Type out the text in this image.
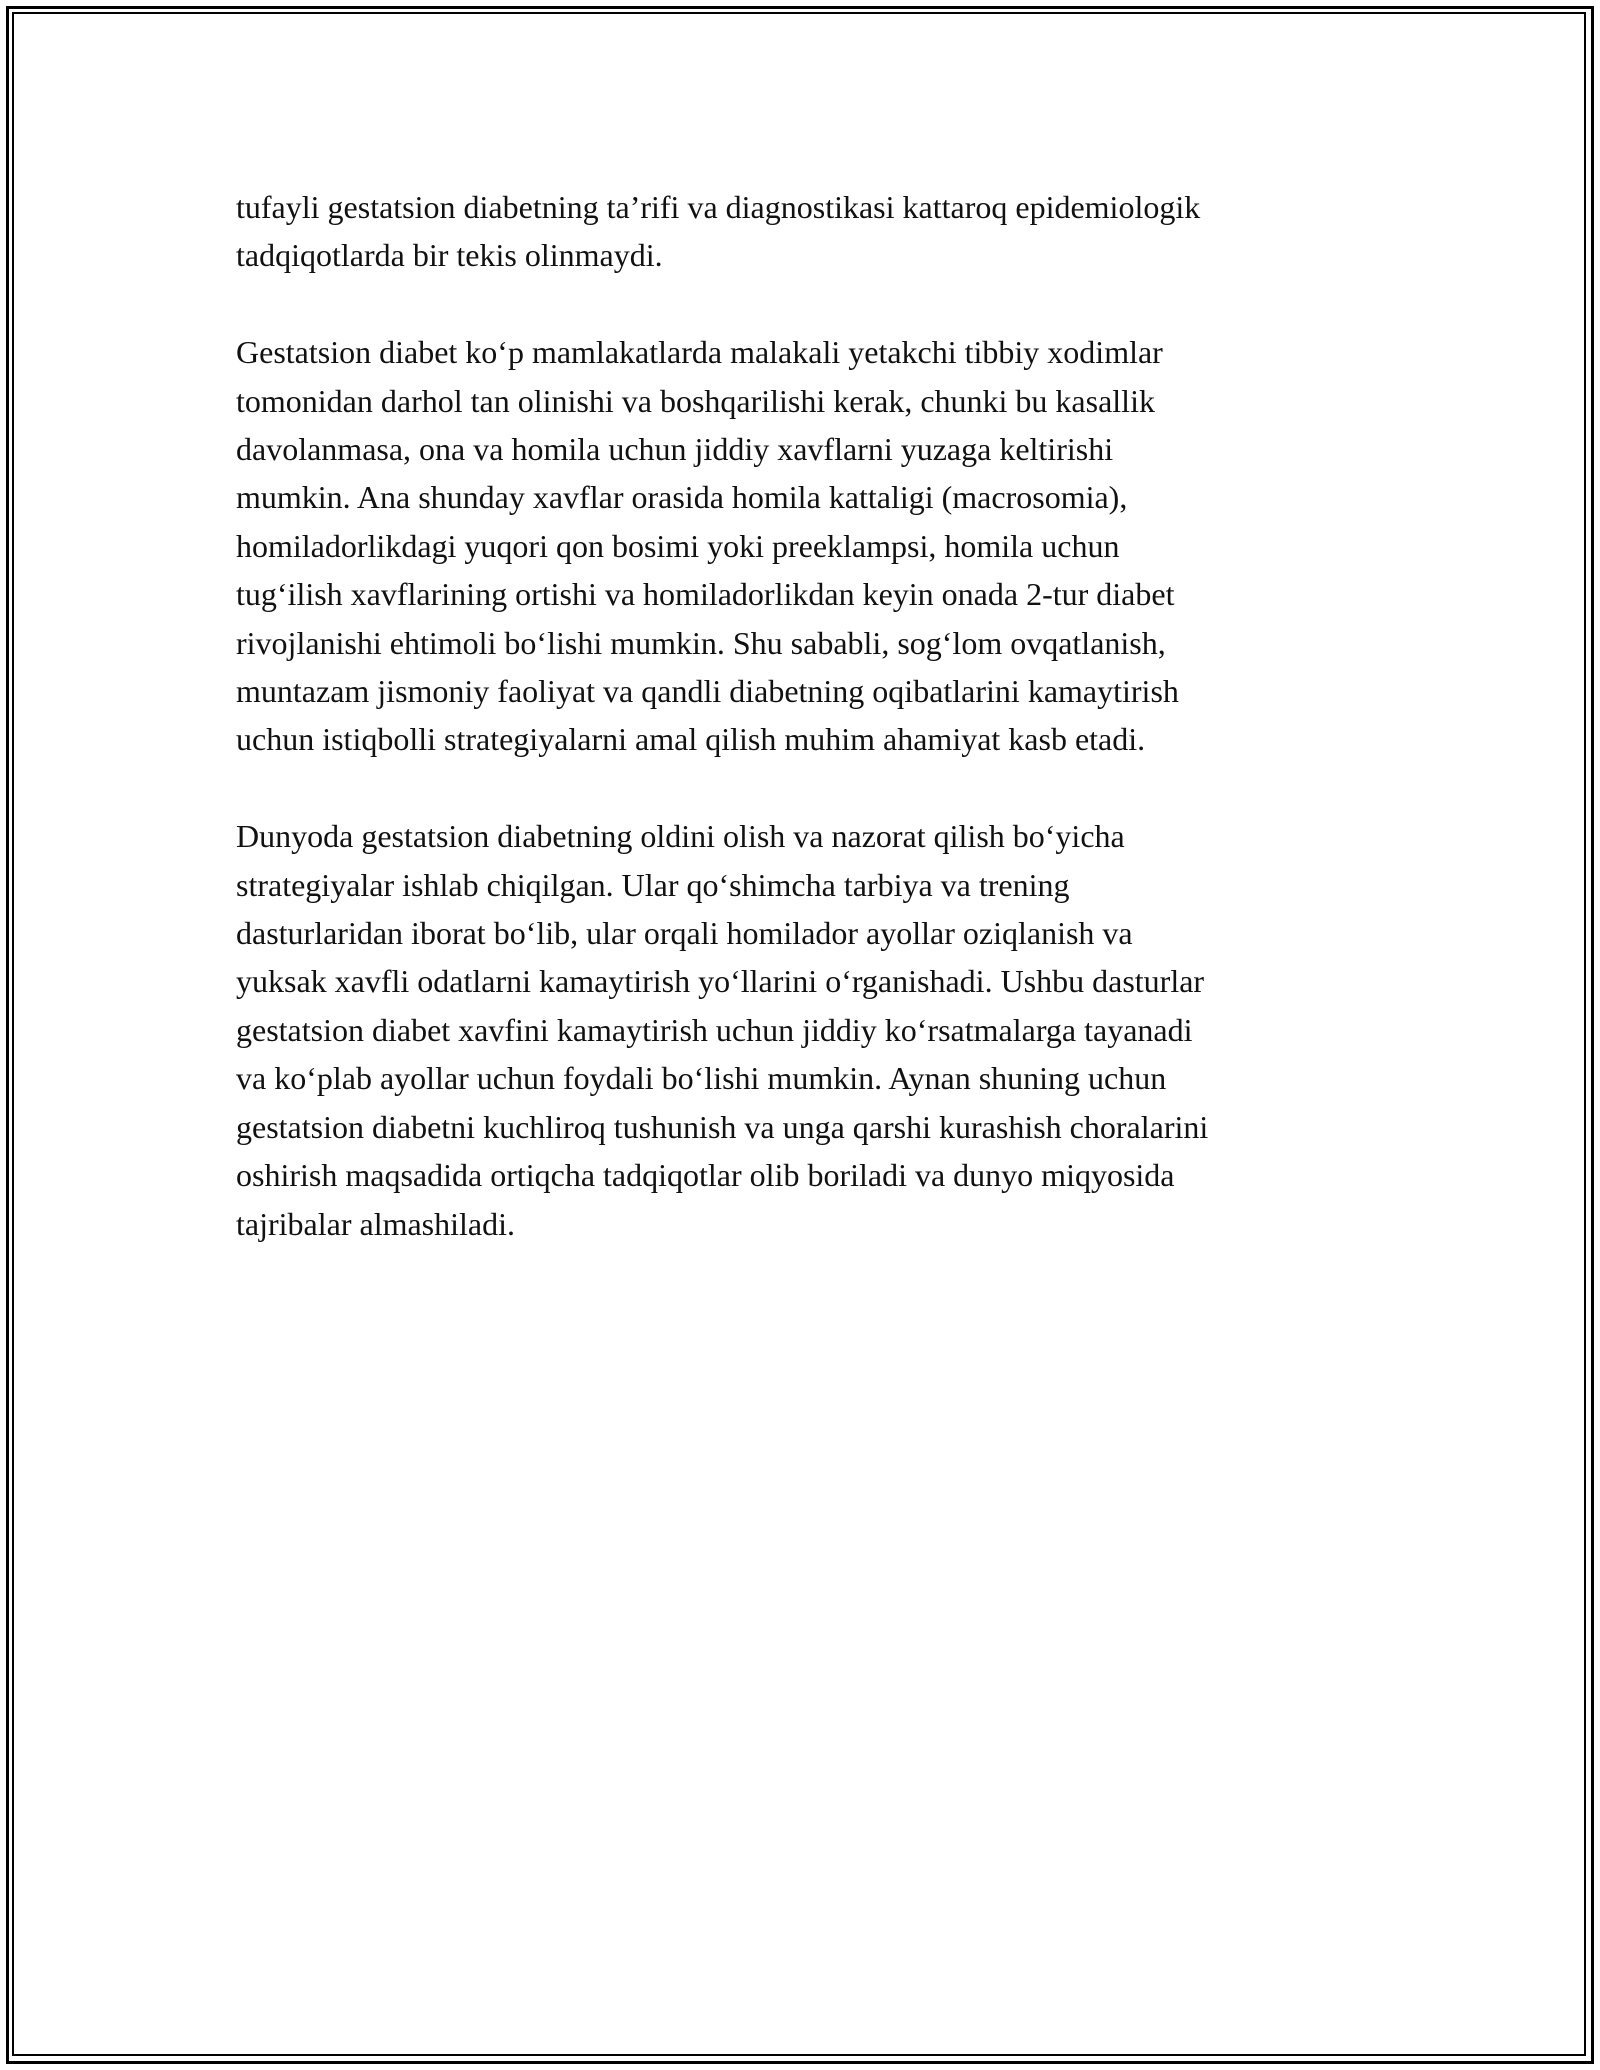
tufayli gestatsion diabetning ta’rifi va diagnostikasi kattaroq epidemiologik
tadqiqotlarda bir tekis olinmaydi.

Gestatsion diabet ko‘p mamlakatlarda malakali yetakchi tibbiy xodimlar
tomonidan darhol tan olinishi va boshqarilishi kerak, chunki bu kasallik
davolanmasa, ona va homila uchun jiddiy xavflarni yuzaga keltirishi
mumkin. Ana shunday xavflar orasida homila kattaligi (macrosomia),
homiladorlikdagi yuqori qon bosimi yoki preeklampsi, homila uchun
tug‘ilish xavflarining ortishi va homiladorlikdan keyin onada 2-tur diabet
rivojlanishi ehtimoli bo‘lishi mumkin. Shu sababli, sog‘lom ovqatlanish,
muntazam jismoniy faoliyat va qandli diabetning oqibatlarini kamaytirish
uchun istiqbolli strategiyalarni amal qilish muhim ahamiyat kasb etadi.

Dunyoda gestatsion diabetning oldini olish va nazorat qilish bo‘yicha
strategiyalar ishlab chiqilgan. Ular qo‘shimcha tarbiya va trening
dasturlaridan iborat bo‘lib, ular orqali homilador ayollar oziqlanish va
yuksak xavfli odatlarni kamaytirish yo‘llarini o‘rganishadi. Ushbu dasturlar
gestatsion diabet xavfini kamaytirish uchun jiddiy ko‘rsatmalarga tayanadi
va ko‘plab ayollar uchun foydali bo‘lishi mumkin. Aynan shuning uchun
gestatsion diabetni kuchliroq tushunish va unga qarshi kurashish choralarini
oshirish maqsadida ortiqcha tadqiqotlar olib boriladi va dunyo miqyosida
tajribalar almashiladi.
